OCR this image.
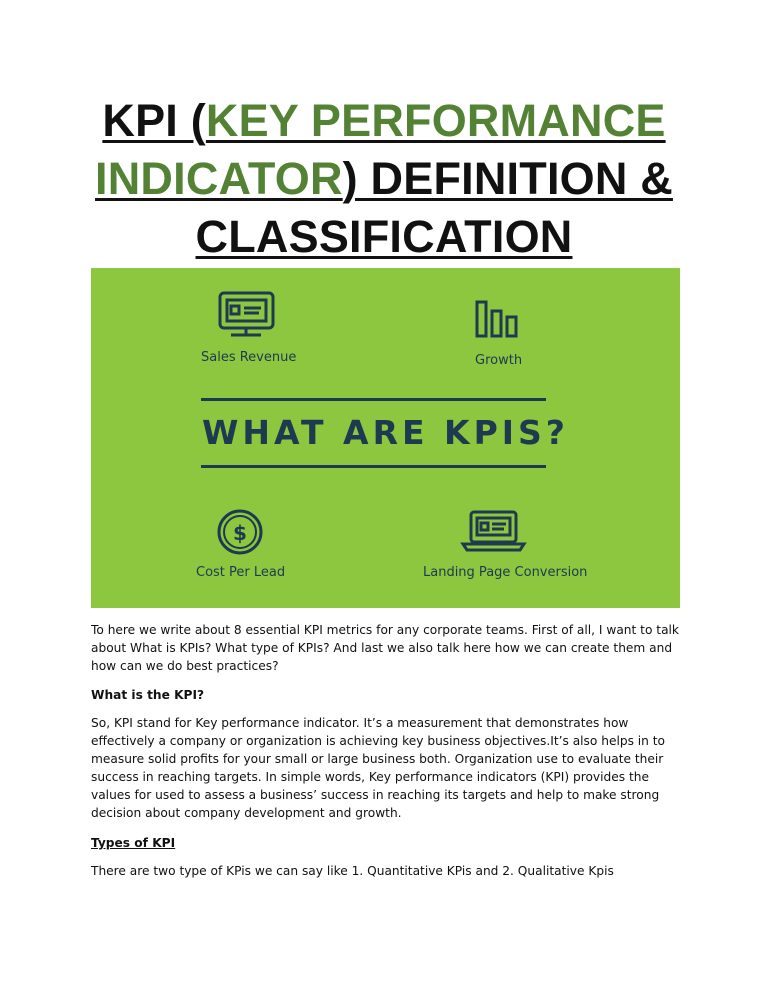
KPI (KEY PERFORMANCE INDICATOR) DEFINITION & CLASSIFICATION
$
Sales Revenue	Growth
WHAT ARE KPIS?
Cost Per Lead	Landing Page Conversion

To here we write about 8 essential KPI metrics for any corporate teams. First of all, I want to talk about What is KPIs? What type of KPIs? And last we also talk here how we can create them and how can we do best practices?

What is the KPI?

So, KPI stand for Key performance indicator. It’s a measurement that demonstrates how effectively a company or organization is achieving key business objectives.It’s also helps in to measure solid profits for your small or large business both. Organization use to evaluate their success in reaching targets. In simple words, Key performance indicators (KPI) provides the values for used to assess a business’ success in reaching its targets and help to make strong decision about company development and growth.

Types of KPI

There are two type of KPis we can say like 1. Quantitative KPis and 2. Qualitative Kpis
